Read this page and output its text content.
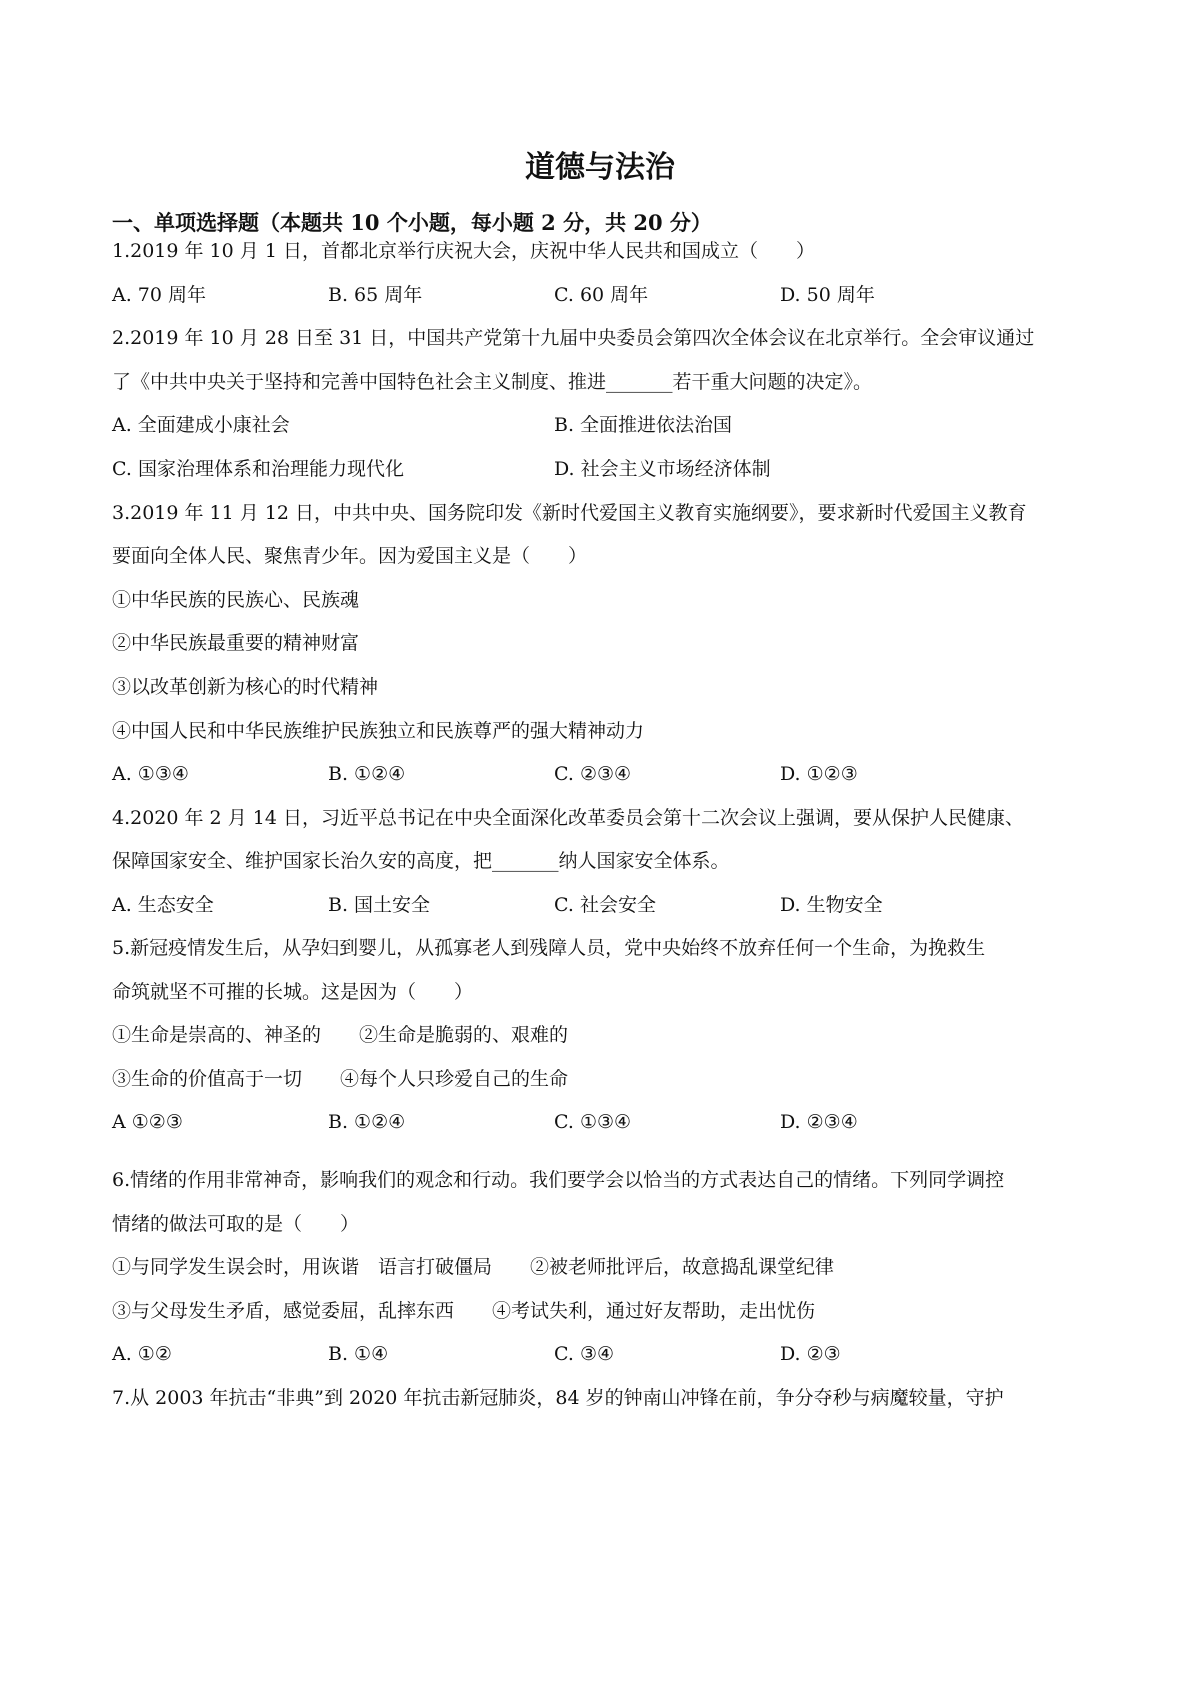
道德与法治
一、单项选择题（本题共 10 个小题，每小题 2 分，共 20 分）
1.2019 年 10 月 1 日，首都北京举行庆祝大会，庆祝中华人民共和国成立（　　）
A. 70 周年	B. 65 周年	C. 60 周年	D. 50 周年
2.2019 年 10 月 28 日至 31 日，中国共产党第十九届中央委员会第四次全体会议在北京举行。全会审议通过
了《中共中央关于坚持和完善中国特色社会主义制度、推进_______若干重大问题的决定》。
A. 全面建成小康社会	B. 全面推进依法治国
C. 国家治理体系和治理能力现代化	D. 社会主义市场经济体制
3.2019 年 11 月 12 日，中共中央、国务院印发《新时代爱国主义教育实施纲要》，要求新时代爱国主义教育
要面向全体人民、聚焦青少年。因为爱国主义是（　　）
①中华民族的民族心、民族魂
②中华民族最重要的精神财富
③以改革创新为核心的时代精神
④中国人民和中华民族维护民族独立和民族尊严的强大精神动力
A. ①③④	B. ①②④	C. ②③④	D. ①②③
4.2020 年 2 月 14 日，习近平总书记在中央全面深化改革委员会第十二次会议上强调，要从保护人民健康、
保障国家安全、维护国家长治久安的高度，把_______纳人国家安全体系。
A. 生态安全	B. 国土安全	C. 社会安全	D. 生物安全
5.新冠疫情发生后，从孕妇到婴儿，从孤寡老人到残障人员，党中央始终不放弃任何一个生命，为挽救生
命筑就坚不可摧的长城。这是因为（　　）
①生命是崇高的、神圣的　　②生命是脆弱的、艰难的
③生命的价值高于一切　　④每个人只珍爱自己的生命
A ①②③	B. ①②④	C. ①③④	D. ②③④
6.情绪的作用非常神奇，影响我们的观念和行动。我们要学会以恰当的方式表达自己的情绪。下列同学调控
情绪的做法可取的是（　　）
①与同学发生误会时，用诙谐　语言打破僵局　　②被老师批评后，故意捣乱课堂纪律
③与父母发生矛盾，感觉委屈，乱摔东西　　④考试失利，通过好友帮助，走出忧伤
A. ①②	B. ①④	C. ③④	D. ②③
7.从 2003 年抗击“非典”到 2020 年抗击新冠肺炎，84 岁的钟南山冲锋在前，争分夺秒与病魔较量，守护
